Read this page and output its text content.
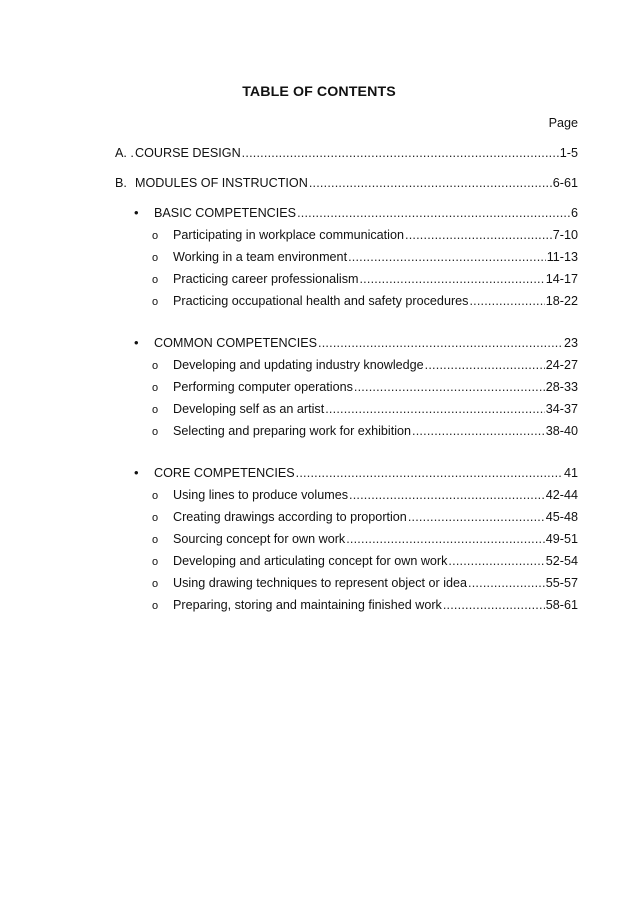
TABLE OF CONTENTS
Page
A. . COURSE DESIGN .....	1-5
B. MODULES OF INSTRUCTION .....	6-61
•	BASIC COMPETENCIES .....	6
o	Participating in workplace communication .....	7-10
o	Working in a team environment .....	11-13
o	Practicing career professionalism .....	14-17
o	Practicing occupational health and safety procedures .....	18-22
•	COMMON COMPETENCIES .....	23
o	Developing and updating industry knowledge .....	24-27
o	Performing computer operations .....	28-33
o	Developing self as an artist .....	34-37
o	Selecting and preparing work for exhibition .....	38-40
•	CORE COMPETENCIES .....	41
o	Using lines to produce volumes .....	42-44
o	Creating drawings according to proportion .....	45-48
o	Sourcing concept for own work .....	49-51
o	Developing and articulating concept for own work .....	52-54
o	Using drawing techniques to represent object or idea .....	55-57
o	Preparing, storing and maintaining finished work .....	58-61
